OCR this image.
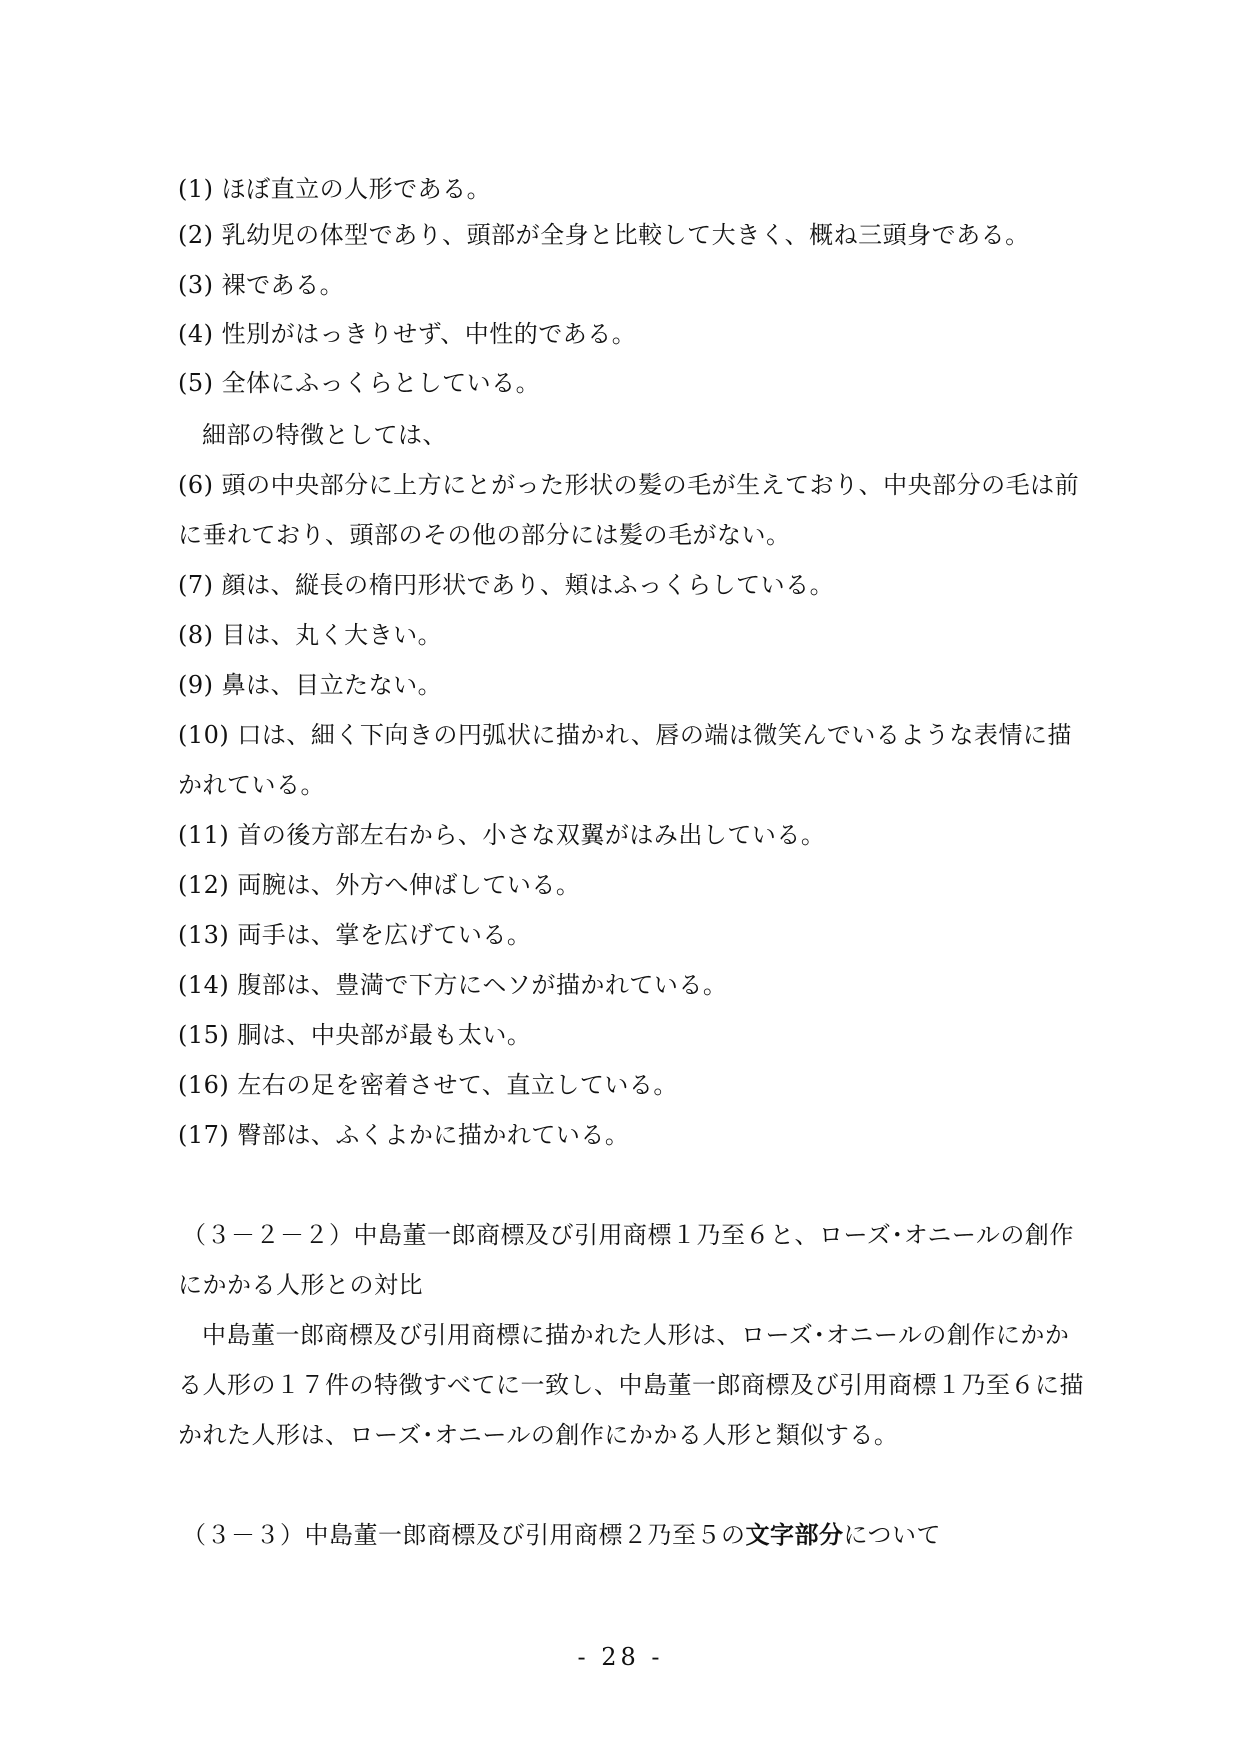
(1) ほぼ直立の人形である。
(2) 乳幼児の体型であり、頭部が全身と比較して大きく、概ね三頭身である。
(3) 裸である。
(4) 性別がはっきりせず、中性的である。
(5) 全体にふっくらとしている。
細部の特徴としては、
(6) 頭の中央部分に上方にとがった形状の髪の毛が生えており、中央部分の毛は前
に垂れており、頭部のその他の部分には髪の毛がない。
(7) 顔は、縦長の楕円形状であり、頬はふっくらしている。
(8) 目は、丸く大きい。
(9) 鼻は、目立たない。
(10) 口は、細く下向きの円弧状に描かれ、唇の端は微笑んでいるような表情に描
かれている。
(11) 首の後方部左右から、小さな双翼がはみ出している。
(12) 両腕は、外方へ伸ばしている。
(13) 両手は、掌を広げている。
(14) 腹部は、豊満で下方にヘソが描かれている。
(15) 胴は、中央部が最も太い。
(16) 左右の足を密着させて、直立している。
(17) 臀部は、ふくよかに描かれている。
（３－２－２）中島董一郎商標及び引用商標１乃至６と、ローズ･オニールの創作
にかかる人形との対比
中島董一郎商標及び引用商標に描かれた人形は、ローズ･オニールの創作にかか
る人形の１７件の特徴すべてに一致し、中島董一郎商標及び引用商標１乃至６に描
かれた人形は、ローズ･オニールの創作にかかる人形と類似する。
（３－３）中島董一郎商標及び引用商標２乃至５の文字部分について
- 28 -
